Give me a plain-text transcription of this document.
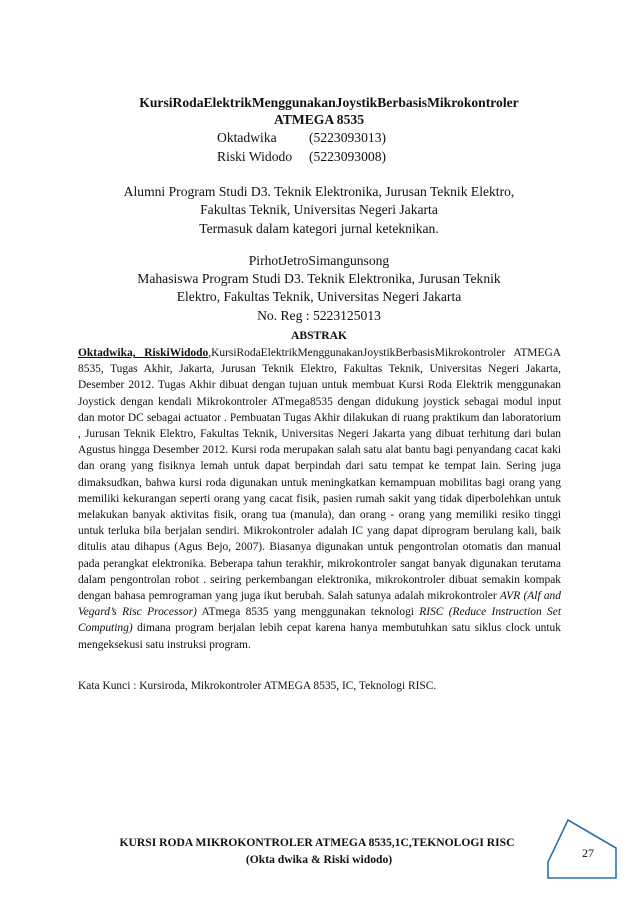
KursiRodaElektrikMenggunakanJoystikBerbasisMikrokontroler
ATMEGA 8535
Oktadwika (5223093013)
Riski Widodo (5223093008)
Alumni Program Studi D3. Teknik Elektronika, Jurusan Teknik Elektro,
Fakultas Teknik, Universitas Negeri Jakarta
Termasuk dalam kategori jurnal keteknikan.
PirhotJetroSimangunsong
Mahasiswa Program Studi D3. Teknik Elektronika, Jurusan Teknik
Elektro, Fakultas Teknik, Universitas Negeri Jakarta
No. Reg : 5223125013
ABSTRAK
Oktadwika, RiskiWidodo,KursiRodaElektrikMenggunakanJoystikBerbasisMikrokontroler ATMEGA 8535, Tugas Akhir, Jakarta, Jurusan Teknik Elektro, Fakultas Teknik, Universitas Negeri Jakarta, Desember 2012. Tugas Akhir dibuat dengan tujuan untuk membuat Kursi Roda Elektrik menggunakan Joystick dengan kendali Mikrokontroler ATmega8535 dengan didukung joystick sebagai modul input dan motor DC sebagai actuator . Pembuatan Tugas Akhir dilakukan di ruang praktikum dan laboratorium , Jurusan Teknik Elektro, Fakultas Teknik, Universitas Negeri Jakarta yang dibuat terhitung dari bulan Agustus hingga Desember 2012. Kursi roda merupakan salah satu alat bantu bagi penyandang cacat kaki dan orang yang fisiknya lemah untuk dapat berpindah dari satu tempat ke tempat lain. Sering juga dimaksudkan, bahwa kursi roda digunakan untuk meningkatkan kemampuan mobilitas bagi orang yang memiliki kekurangan seperti orang yang cacat fisik, pasien rumah sakit yang tidak diperbolehkan untuk melakukan banyak aktivitas fisik, orang tua (manula), dan orang - orang yang memiliki resiko tinggi untuk terluka bila berjalan sendiri. Mikrokontroler adalah IC yang dapat diprogram berulang kali, baik ditulis atau dihapus (Agus Bejo, 2007). Biasanya digunakan untuk pengontrolan otomatis dan manual pada perangkat elektronika. Beberapa tahun terakhir, mikrokontroler sangat banyak digunakan terutama dalam pengontrolan robot . seiring perkembangan elektronika, mikrokontroler dibuat semakin kompak dengan bahasa pemrograman yang juga ikut berubah. Salah satunya adalah mikrokontroler AVR (Alf and Vegard’s Risc Processor) ATmega 8535 yang menggunakan teknologi RISC (Reduce Instruction Set Computing) dimana program berjalan lebih cepat karena hanya membutuhkan satu siklus clock untuk mengeksekusi satu instruksi program.
Kata Kunci : Kursiroda, Mikrokontroler ATMEGA 8535, IC, Teknologi RISC.
KURSI RODA MIKROKONTROLER ATMEGA 8535,1C,TEKNOLOGI RISC
(Okta dwika & Riski widodo)	27
